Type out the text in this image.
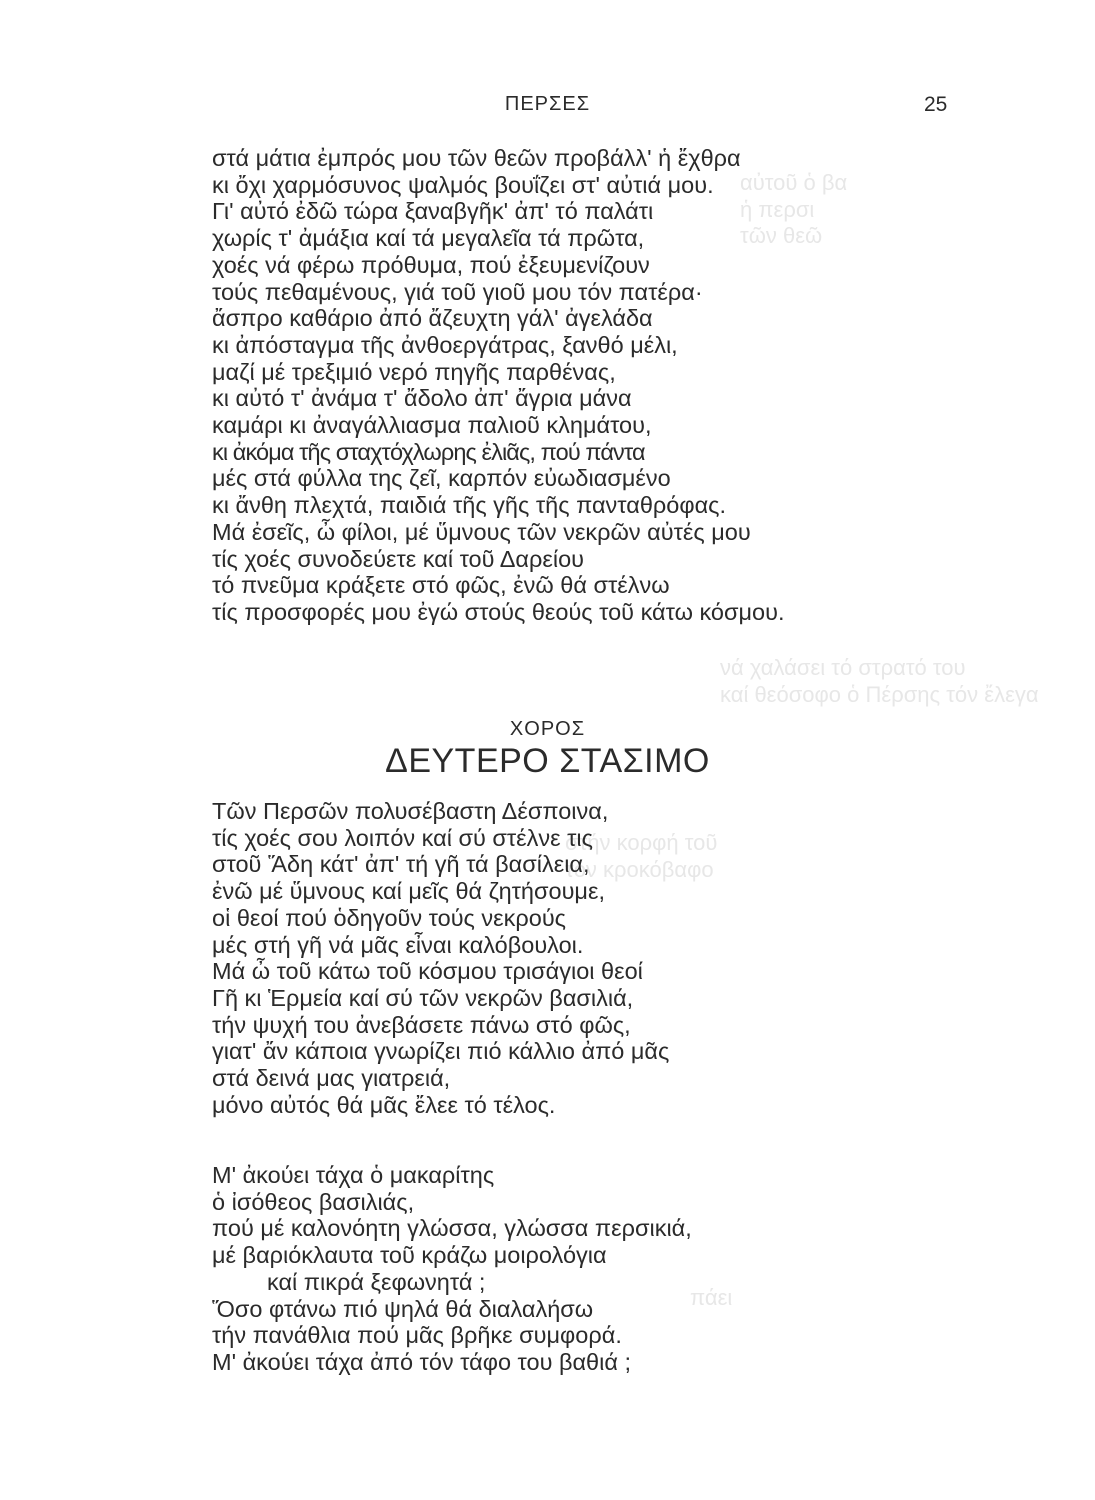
αὐτοῦ ὁ βα
ἡ περσι
τῶν θεῶ
νά χαλάσει τό στρατό του
καί θεόσοφο ὁ Πέρσης τόν ἔλεγα
στήν κορφή τοῦ
τόν κροκόβαφο
πάει
ΠΕΡΣΕΣ	25
στά μάτια ἐμπρός μου τῶν θεῶν προβάλλ' ἡ ἔχθρα
κι ὄχι χαρμόσυνος ψαλμός βουΐζει στ' αὐτιά μου.
Γι' αὐτό ἐδῶ τώρα ξαναβγῆκ' ἀπ' τό παλάτι
χωρίς τ' ἀμάξια καί τά μεγαλεῖα τά πρῶτα,
χοές νά φέρω πρόθυμα, πού ἐξευμενίζουν
τούς πεθαμένους, γιά τοῦ γιοῦ μου τόν πατέρα·
ἄσπρο καθάριο ἀπό ἄζευχτη γάλ' ἀγελάδα
κι ἀπόσταγμα τῆς ἀνθοεργάτρας, ξανθό μέλι,
μαζί μέ τρεξιμιό νερό πηγῆς παρθένας,
κι αὐτό τ' ἀνάμα τ' ἄδολο ἀπ' ἄγρια μάνα
καμάρι κι ἀναγάλλιασμα παλιοῦ κλημάτου,
κι ἀκόμα τῆς σταχτόχλωρης ἐλιᾶς, πού πάντα
μές στά φύλλα της ζεῖ, καρπόν εὐωδιασμένο
κι ἄνθη πλεχτά, παιδιά τῆς γῆς τῆς πανταθρόφας.
Μά ἐσεῖς, ὦ φίλοι, μέ ὕμνους τῶν νεκρῶν αὐτές μου
τίς χοές συνοδεύετε καί τοῦ Δαρείου
τό πνεῦμα κράξετε στό φῶς, ἐνῶ θά στέλνω
τίς προσφορές μου ἐγώ στούς θεούς τοῦ κάτω κόσμου.
ΧΟΡΟΣ
ΔΕΥΤΕΡΟ ΣΤΑΣΙΜΟ
Τῶν Περσῶν πολυσέβαστη Δέσποινα,
τίς χοές σου λοιπόν καί σύ στέλνε τις
στοῦ Ἅδη κάτ' ἀπ' τή γῆ τά βασίλεια,
ἐνῶ μέ ὕμνους καί μεῖς θά ζητήσουμε,
οἱ θεοί πού ὁδηγοῦν τούς νεκρούς
μές στή γῆ νά μᾶς εἶναι καλόβουλοι.
Μά ὦ τοῦ κάτω τοῦ κόσμου τρισάγιοι θεοί
Γῆ κι Ἑρμεία καί σύ τῶν νεκρῶν βασιλιά,
τήν ψυχή του ἀνεβάσετε πάνω στό φῶς,
γιατ' ἄν κάποια γνωρίζει πιό κάλλιο ἀπό μᾶς
στά δεινά μας γιατρειά,
μόνο αὐτός θά μᾶς ἔλεε τό τέλος.
Μ' ἀκούει τάχα ὁ μακαρίτης
ὁ ἰσόθεος βασιλιάς,
πού μέ καλονόητη γλώσσα, γλώσσα περσικιά,
μέ βαριόκλαυτα τοῦ κράζω μοιρολόγια
καί πικρά ξεφωνητά ;
Ὅσο φτάνω πιό ψηλά θά διαλαλήσω
τήν πανάθλια πού μᾶς βρῆκε συμφορά.
Μ' ἀκούει τάχα ἀπό τόν τάφο του βαθιά ;
